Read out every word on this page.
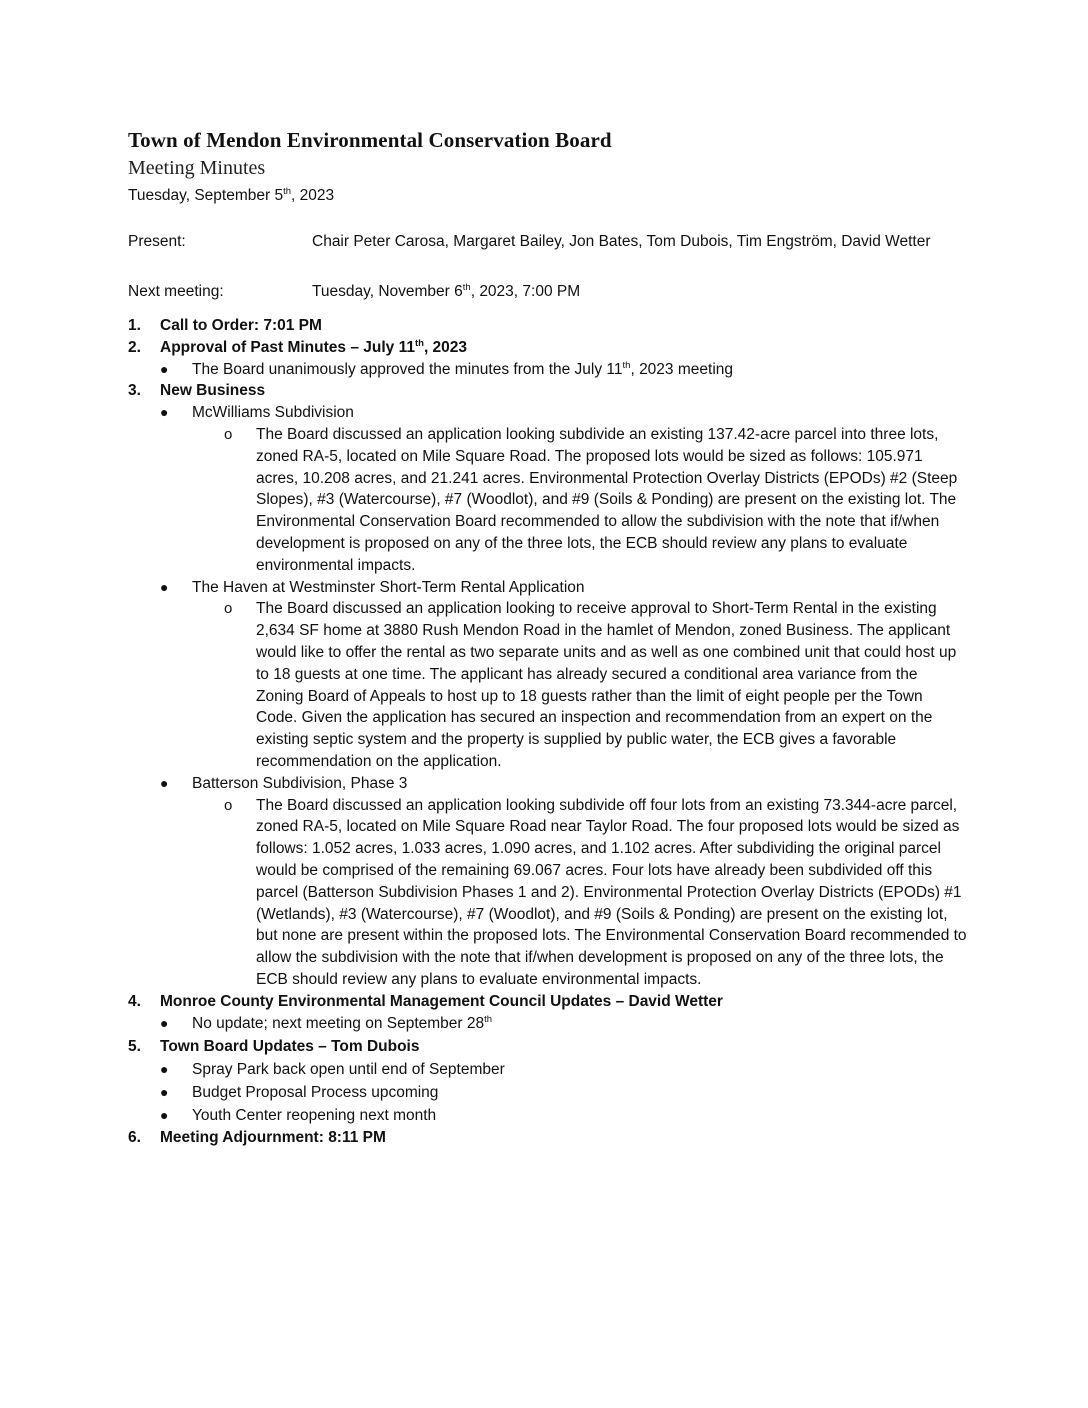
Town of Mendon Environmental Conservation Board
Meeting Minutes
Tuesday, September 5th, 2023
Present:	Chair Peter Carosa, Margaret Bailey, Jon Bates, Tom Dubois, Tim Engström, David Wetter
Next meeting:	Tuesday, November 6th, 2023, 7:00 PM
1. Call to Order: 7:01 PM
2. Approval of Past Minutes – July 11th, 2023
● The Board unanimously approved the minutes from the July 11th, 2023 meeting
3. New Business
● McWilliams Subdivision
o The Board discussed an application looking subdivide an existing 137.42-acre parcel into three lots, zoned RA-5, located on Mile Square Road. The proposed lots would be sized as follows: 105.971 acres, 10.208 acres, and 21.241 acres. Environmental Protection Overlay Districts (EPODs) #2 (Steep Slopes), #3 (Watercourse), #7 (Woodlot), and #9 (Soils & Ponding) are present on the existing lot. The Environmental Conservation Board recommended to allow the subdivision with the note that if/when development is proposed on any of the three lots, the ECB should review any plans to evaluate environmental impacts.
● The Haven at Westminster Short-Term Rental Application
o The Board discussed an application looking to receive approval to Short-Term Rental in the existing 2,634 SF home at 3880 Rush Mendon Road in the hamlet of Mendon, zoned Business. The applicant would like to offer the rental as two separate units and as well as one combined unit that could host up to 18 guests at one time. The applicant has already secured a conditional area variance from the Zoning Board of Appeals to host up to 18 guests rather than the limit of eight people per the Town Code. Given the application has secured an inspection and recommendation from an expert on the existing septic system and the property is supplied by public water, the ECB gives a favorable recommendation on the application.
● Batterson Subdivision, Phase 3
o The Board discussed an application looking subdivide off four lots from an existing 73.344-acre parcel, zoned RA-5, located on Mile Square Road near Taylor Road. The four proposed lots would be sized as follows: 1.052 acres, 1.033 acres, 1.090 acres, and 1.102 acres. After subdividing the original parcel would be comprised of the remaining 69.067 acres. Four lots have already been subdivided off this parcel (Batterson Subdivision Phases 1 and 2). Environmental Protection Overlay Districts (EPODs) #1 (Wetlands), #3 (Watercourse), #7 (Woodlot), and #9 (Soils & Ponding) are present on the existing lot, but none are present within the proposed lots. The Environmental Conservation Board recommended to allow the subdivision with the note that if/when development is proposed on any of the three lots, the ECB should review any plans to evaluate environmental impacts.
4. Monroe County Environmental Management Council Updates – David Wetter
● No update; next meeting on September 28th
5. Town Board Updates – Tom Dubois
● Spray Park back open until end of September
● Budget Proposal Process upcoming
● Youth Center reopening next month
6. Meeting Adjournment: 8:11 PM
